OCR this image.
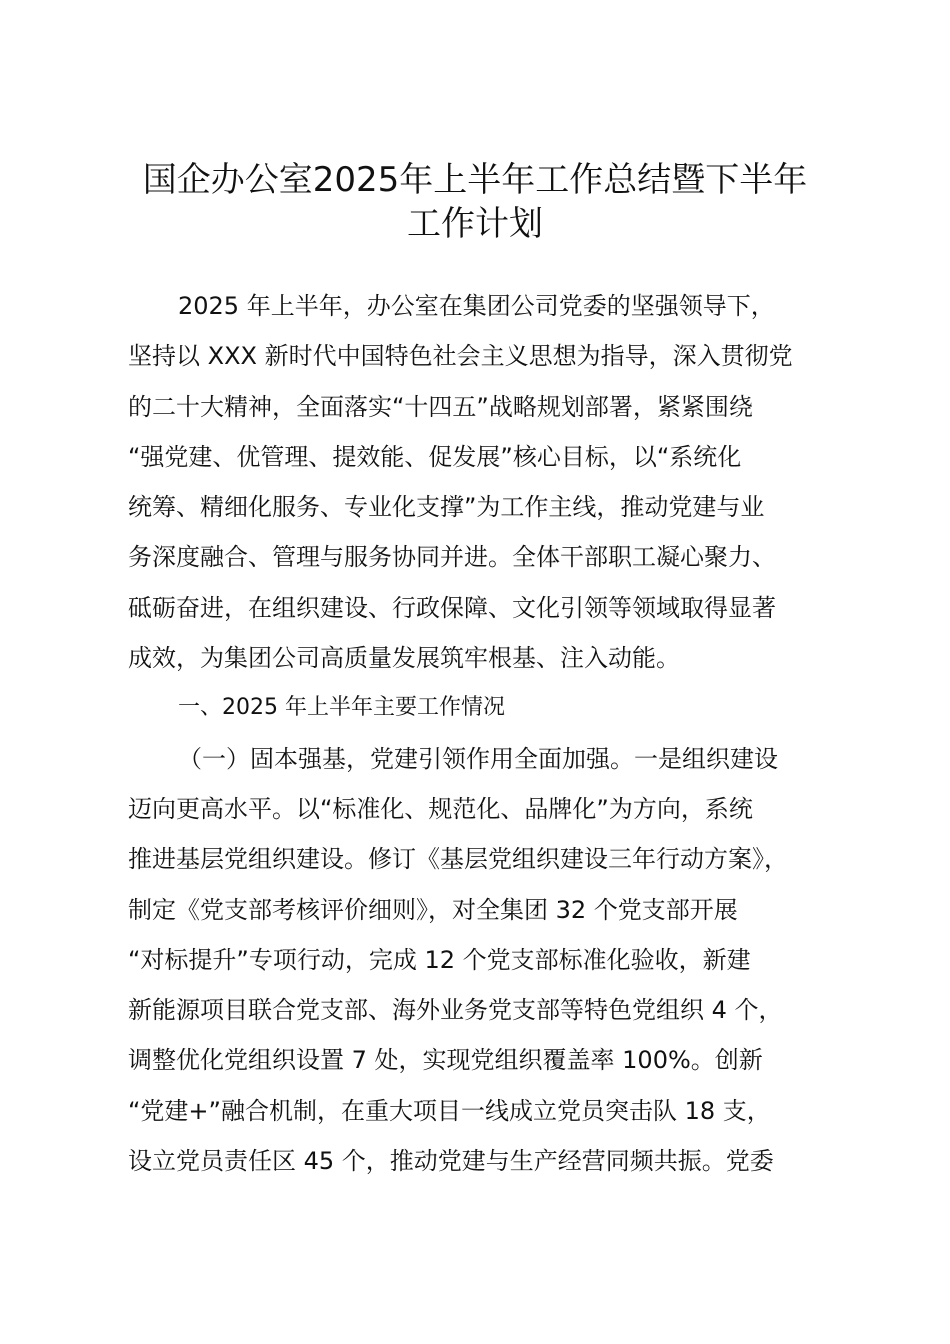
国企办公室2025年上半年工作总结暨下半年
工作计划
2025 年上半年，办公室在集团公司党委的坚强领导下，
坚持以 XXX 新时代中国特色社会主义思想为指导，深入贯彻党
的二十大精神，全面落实“十四五”战略规划部署，紧紧围绕
“强党建、优管理、提效能、促发展”核心目标，以“系统化
统筹、精细化服务、专业化支撑”为工作主线，推动党建与业
务深度融合、管理与服务协同并进。全体干部职工凝心聚力、
砥砺奋进，在组织建设、行政保障、文化引领等领域取得显著
成效，为集团公司高质量发展筑牢根基、注入动能。
一、2025 年上半年主要工作情况
（一）固本强基，党建引领作用全面加强。一是组织建设
迈向更高水平。以“标准化、规范化、品牌化”为方向，系统
推进基层党组织建设。修订《基层党组织建设三年行动方案》，
制定《党支部考核评价细则》，对全集团 32 个党支部开展
“对标提升”专项行动，完成 12 个党支部标准化验收，新建
新能源项目联合党支部、海外业务党支部等特色党组织 4 个，
调整优化党组织设置 7 处，实现党组织覆盖率 100%。创新
“党建+”融合机制，在重大项目一线成立党员突击队 18 支，
设立党员责任区 45 个，推动党建与生产经营同频共振。党委
